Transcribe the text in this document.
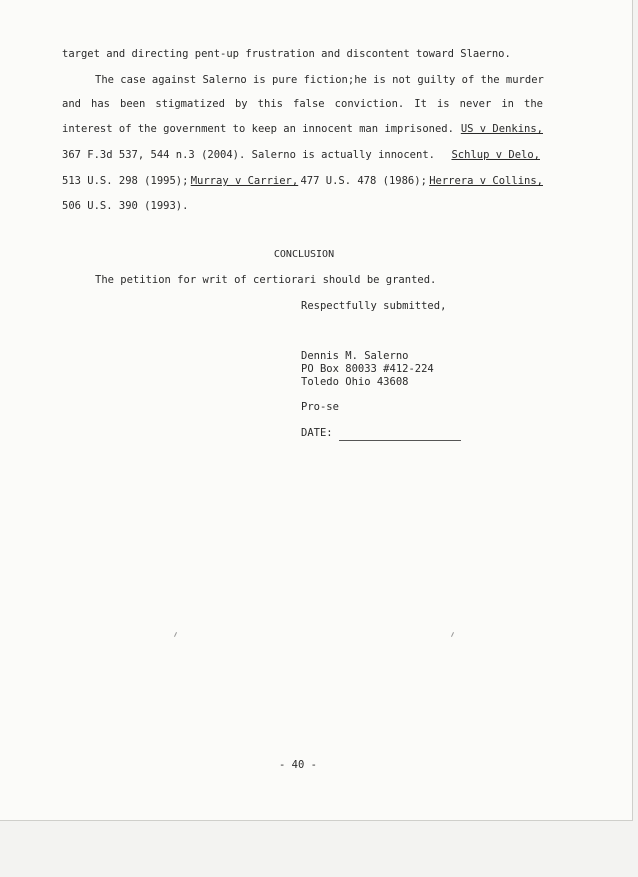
target and directing pent-up frustration and discontent toward Slaerno.
The case against Salerno is pure fiction; he is not guilty of the murder
and has been stigmatized by this false conviction. It is never in the
interest of the government to keep an innocent man imprisoned. US v Denkins,
367 F.3d 537, 544 n.3 (2004). Salerno is actually innocent. Schlup v Delo,
513 U.S. 298 (1995); Murray v Carrier, 477 U.S. 478 (1986); Herrera v Collins,
506 U.S. 390 (1993).
CONCLUSION
The petition for writ of certiorari should be granted.
Respectfully submitted,
Dennis M. Salerno
PO Box 80033 #412-224
Toledo Ohio 43608
Pro-se
DATE:
- 40 -
